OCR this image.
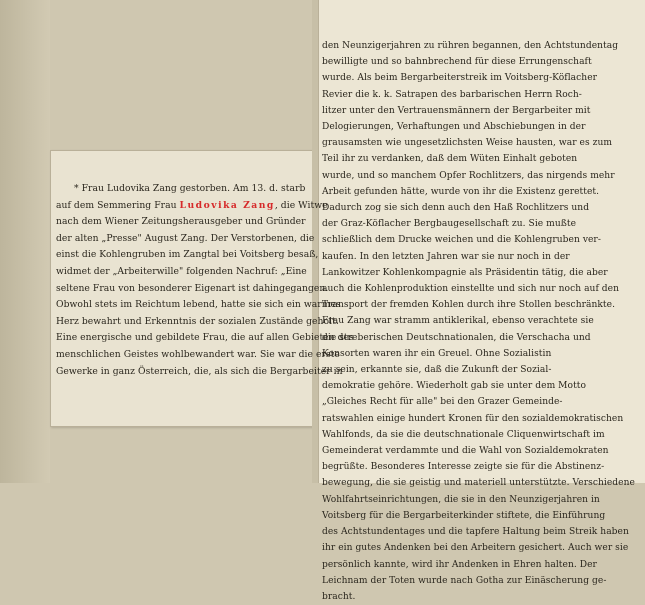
* Frau Ludovika Zang gestorben. Am 13. d. starb
auf dem Semmering Frau Ludovika Zang, die Witwe
nach dem Wiener Zeitungsherausgeber und Gründer
der alten „Presse" August Zang. Der Verstorbenen, die
einst die Kohlengruben im Zangtal bei Voitsberg besaß,
widmet der „Arbeiterwille" folgenden Nachruf: „Eine
seltene Frau von besonderer Eigenart ist dahingegangen.
Obwohl stets im Reichtum lebend, hatte sie sich ein warmes
Herz bewahrt und Erkenntnis der sozialen Zustände geholt.
Eine energische und gebildete Frau, die auf allen Gebieten des
menschlichen Geistes wohlbewandert war. Sie war die erste
Gewerke in ganz Österreich, die, als sich die Bergarbeiter in
den Neunzigerjahren zu rühren begannen, den Achtstundentag
bewilligte und so bahnbrechend für diese Errungenschaft
wurde. Als beim Bergarbeiterstreik im Voitsberg-Köflacher
Revier die k. k. Satrapen des barbarischen Herrn Roch-
litzer unter den Vertrauensmännern der Bergarbeiter mit
Delogierungen, Verhaftungen und Abschiebungen in der
grausamsten wie ungesetzlichsten Weise hausten, war es zum
Teil ihr zu verdanken, daß dem Wüten Einhalt geboten
wurde, und so manchem Opfer Rochlitzers, das nirgends mehr
Arbeit gefunden hätte, wurde von ihr die Existenz gerettet.
Dadurch zog sie sich denn auch den Haß Rochlitzers und
der Graz-Köflacher Bergbaugesellschaft zu. Sie mußte
schließlich dem Drucke weichen und die Kohlengruben ver-
kaufen. In den letzten Jahren war sie nur noch in der
Lankowitzer Kohlenkompagnie als Präsidentin tätig, die aber
auch die Kohlenproduktion einstellte und sich nur noch auf den
Transport der fremden Kohlen durch ihre Stollen beschränkte.
Frau Zang war stramm antiklerikal, ebenso verachtete sie
die streberischen Deutschnationalen, die Verschacha und
Konsorten waren ihr ein Greuel. Ohne Sozialistin
zu sein, erkannte sie, daß die Zukunft der Sozial-
demokratie gehöre. Wiederholt gab sie unter dem Motto
„Gleiches Recht für alle" bei den Grazer Gemeinde-
ratswahlen einige hundert Kronen für den sozialdemokratischen
Wahlfonds, da sie die deutschnationale Cliquenwirtschaft im
Gemeinderat verdammte und die Wahl von Sozialdemokraten
begrüßte. Besonderes Interesse zeigte sie für die Abstinenz-
bewegung, die sie geistig und materiell unterstützte. Verschiedene
Wohlfahrtseinrichtungen, die sie in den Neunzigerjahren in
Voitsberg für die Bergarbeiterkinder stiftete, die Einführung
des Achtstundentages und die tapfere Haltung beim Streik haben
ihr ein gutes Andenken bei den Arbeitern gesichert. Auch wer sie
persönlich kannte, wird ihr Andenken in Ehren halten. Der
Leichnam der Toten wurde nach Gotha zur Einäscherung ge-
bracht.
